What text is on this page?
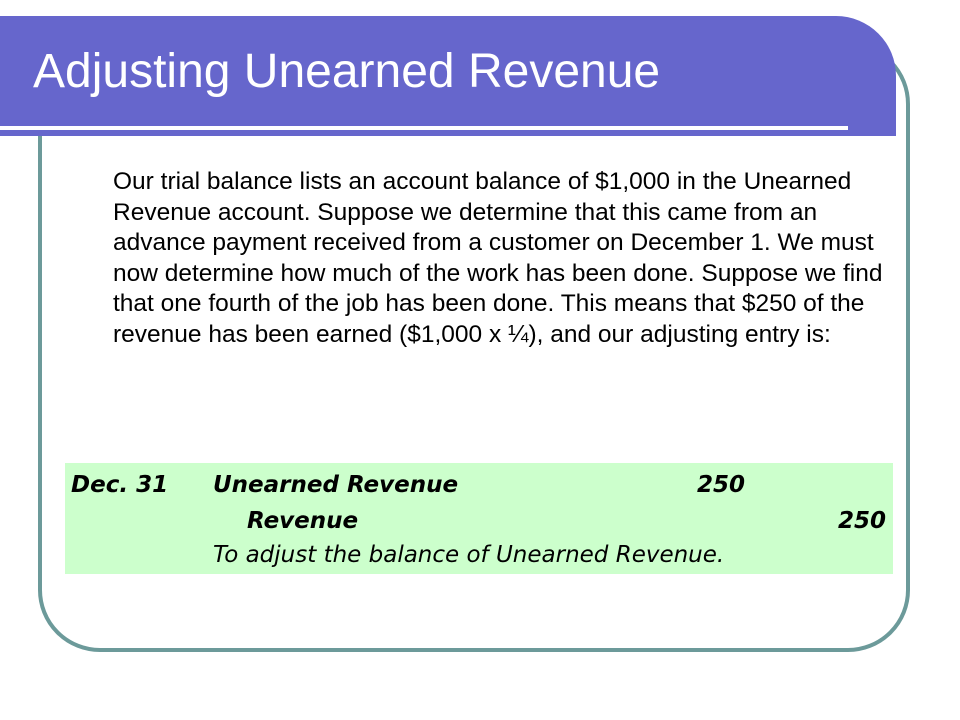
Adjusting Unearned Revenue

Our trial balance lists an account balance of $1,000 in the Unearned Revenue account. Suppose we determine that this came from an advance payment received from a customer on December 1. We must now determine how much of the work has been done. Suppose we find that one fourth of the job has been done. This means that $250 of the revenue has been earned ($1,000 x ¼), and our adjusting entry is:

Dec. 31 Unearned Revenue	250
Revenue	250
To adjust the balance of Unearned Revenue.
